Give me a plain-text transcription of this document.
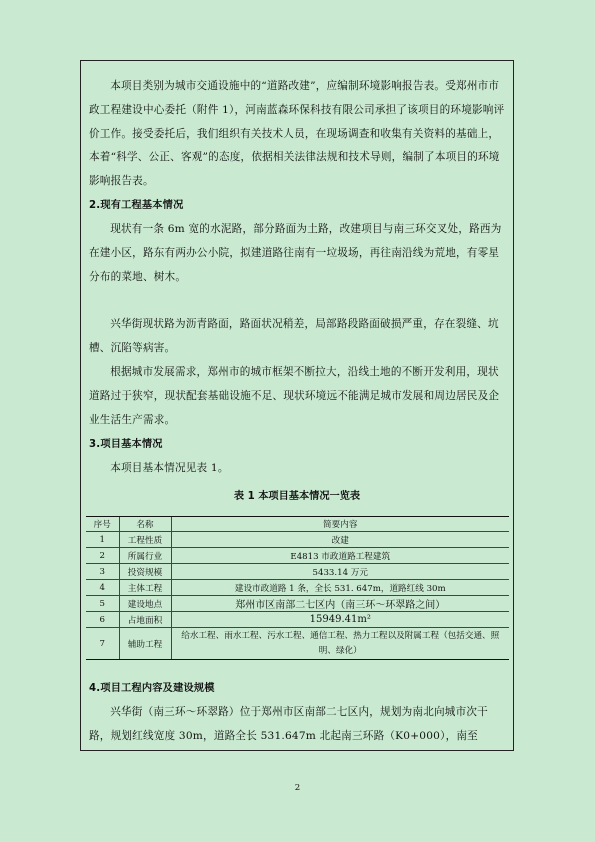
本项目类别为城市交通设施中的“道路改建”，应编制环境影响报告表。受郑州市市政工程建设中心委托（附件 1），河南蓝森环保科技有限公司承担了该项目的环境影响评价工作。接受委托后，我们组织有关技术人员，在现场调查和收集有关资料的基础上，本着“科学、公正、客观”的态度，依据相关法律法规和技术导则，编制了本项目的环境影响报告表。
2.现有工程基本情况
现状有一条 6m 宽的水泥路，部分路面为土路，改建项目与南三环交叉处，路西为在建小区，路东有两办公小院，拟建道路往南有一垃圾场，再往南沿线为荒地，有零星分布的菜地、树木。
兴华街现状路为沥青路面，路面状况稍差，局部路段路面破损严重，存在裂缝、坑槽、沉陷等病害。
根据城市发展需求，郑州市的城市框架不断拉大，沿线土地的不断开发利用，现状道路过于狭窄，现状配套基础设施不足、现状环境远不能满足城市发展和周边居民及企业生活生产需求。
3.项目基本情况
本项目基本情况见表 1。
表 1 本项目基本情况一览表
序号	名称	简要内容
1	工程性质	改建
2	所属行业	E4813 市政道路工程建筑
3	投资规模	5433.14 万元
4	主体工程	建设市政道路 1 条，全长 531. 647m，道路红线 30m
5	建设地点	郑州市区南部二七区内（南三环～环翠路之间）
6	占地面积	15949.41m²
7	辅助工程	给水工程、雨水工程、污水工程、通信工程、热力工程以及附属工程（包括交通、照明、绿化）
4.项目工程内容及建设规模
兴华街（南三环～环翠路）位于郑州市区南部二七区内，规划为南北向城市次干路，规划红线宽度 30m，道路全长 531.647m 北起南三环路（K0+000），南至
2
